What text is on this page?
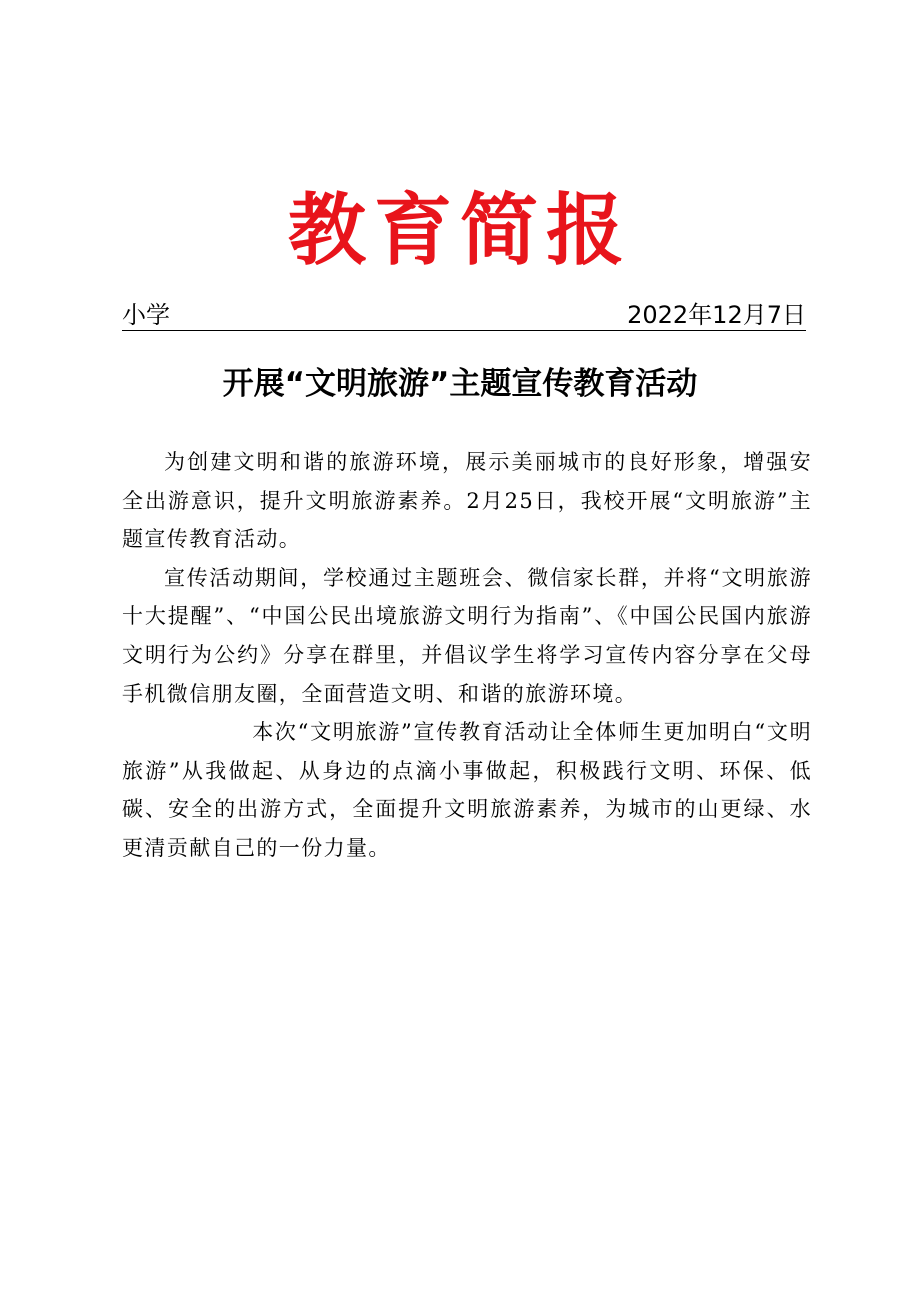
教育简报
小学	2022年12月7日
开展“文明旅游”主题宣传教育活动

为创建文明和谐的旅游环境，展示美丽城市的良好形象，增强安全出游意识，提升文明旅游素养。2月25日，我校开展“文明旅游”主题宣传教育活动。

宣传活动期间，学校通过主题班会、微信家长群，并将“文明旅游十大提醒”、“中国公民出境旅游文明行为指南”、《中国公民国内旅游文明行为公约》分享在群里，并倡议学生将学习宣传内容分享在父母手机微信朋友圈，全面营造文明、和谐的旅游环境。

本次“文明旅游”宣传教育活动让全体师生更加明白“文明旅游”从我做起、从身边的点滴小事做起，积极践行文明、环保、低碳、安全的出游方式，全面提升文明旅游素养，为城市的山更绿、水更清贡献自己的一份力量。
